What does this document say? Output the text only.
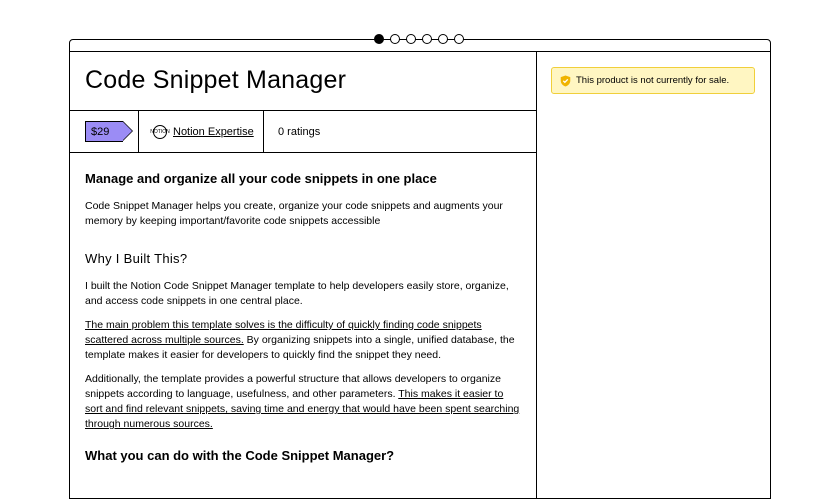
Code Snippet Manager
$29	NOTION Notion Expertise	0 ratings
Manage and organize all your code snippets in one place

Code Snippet Manager helps you create, organize your code snippets and augments your memory by keeping important/favorite code snippets accessible

Why I Built This?

I built the Notion Code Snippet Manager template to help developers easily store, organize, and access code snippets in one central place.

The main problem this template solves is the difficulty of quickly finding code snippets scattered across multiple sources. By organizing snippets into a single, unified database, the template makes it easier for developers to quickly find the snippet they need.

Additionally, the template provides a powerful structure that allows developers to organize snippets according to language, usefulness, and other parameters. This makes it easier to sort and find relevant snippets, saving time and energy that would have been spent searching through numerous sources.

What you can do with the Code Snippet Manager?
This product is not currently for sale.
